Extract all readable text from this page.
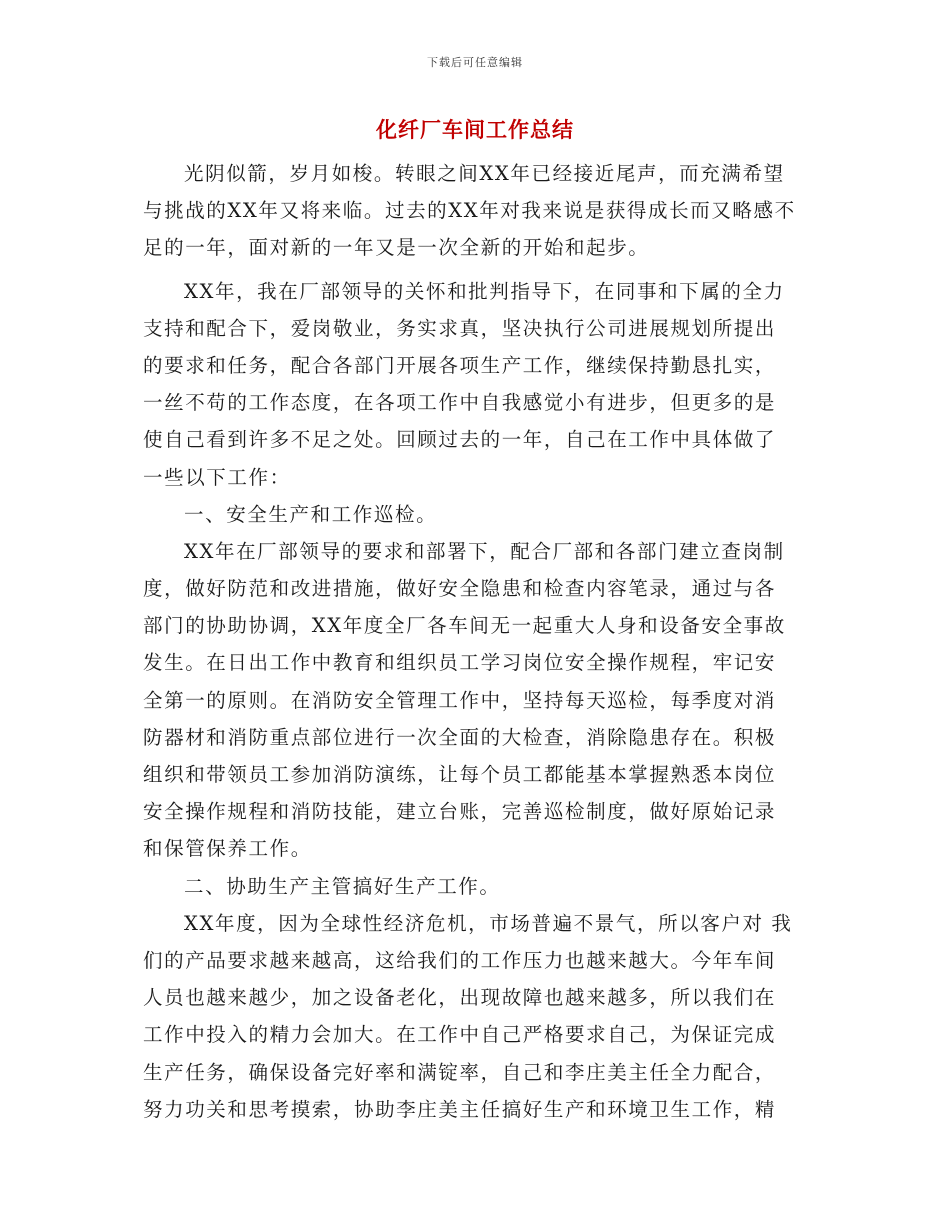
下载后可任意编辑
化纤厂车间工作总结
光阴似箭，岁月如梭。转眼之间XX年已经接近尾声，而充满希望
与挑战的XX年又将来临。过去的XX年对我来说是获得成长而又略感不
足的一年，面对新的一年又是一次全新的开始和起步。
XX年，我在厂部领导的关怀和批判指导下，在同事和下属的全力
支持和配合下，爱岗敬业，务实求真，坚决执行公司进展规划所提出
的要求和任务，配合各部门开展各项生产工作，继续保持勤恳扎实，
一丝不苟的工作态度，在各项工作中自我感觉小有进步，但更多的是
使自己看到许多不足之处。回顾过去的一年，自己在工作中具体做了
一些以下工作：
一、安全生产和工作巡检。
XX年在厂部领导的要求和部署下，配合厂部和各部门建立查岗制
度，做好防范和改进措施，做好安全隐患和检查内容笔录，通过与各
部门的协助协调，XX年度全厂各车间无一起重大人身和设备安全事故
发生。在日出工作中教育和组织员工学习岗位安全操作规程，牢记安
全第一的原则。在消防安全管理工作中，坚持每天巡检，每季度对消
防器材和消防重点部位进行一次全面的大检查，消除隐患存在。积极
组织和带领员工参加消防演练，让每个员工都能基本掌握熟悉本岗位
安全操作规程和消防技能，建立台账，完善巡检制度，做好原始记录
和保管保养工作。
二、协助生产主管搞好生产工作。
XX年度，因为全球性经济危机，市场普遍不景气，所以客户对 我
们的产品要求越来越高，这给我们的工作压力也越来越大。今年车间
人员也越来越少，加之设备老化，出现故障也越来越多，所以我们在
工作中投入的精力会加大。在工作中自己严格要求自己，为保证完成
生产任务，确保设备完好率和满锭率，自己和李庄美主任全力配合，
努力功关和思考摸索，协助李庄美主任搞好生产和环境卫生工作，精
